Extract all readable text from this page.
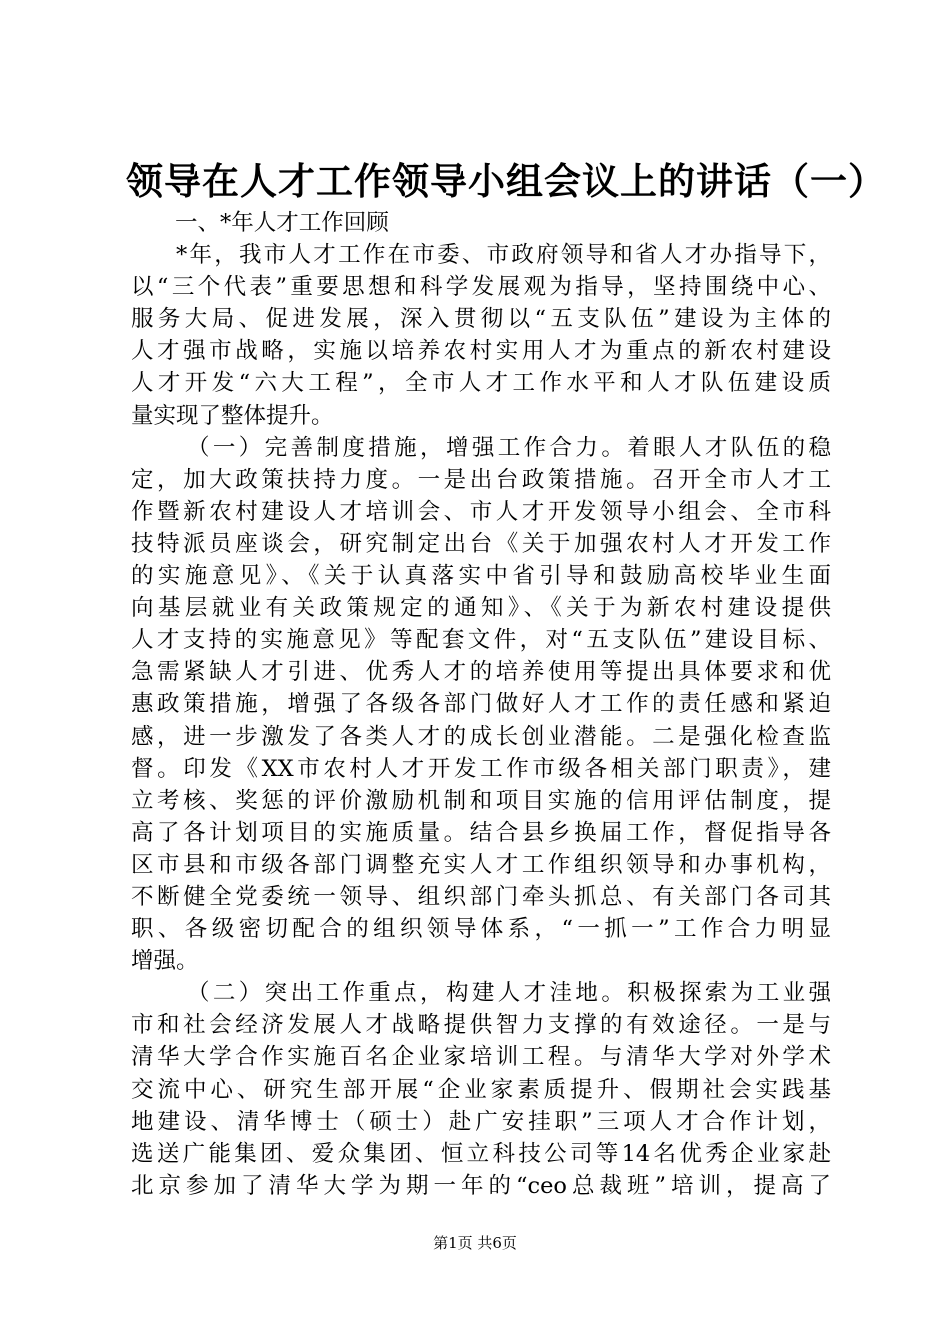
领导在人才工作领导小组会议上的讲话（一）
一、*年人才工作回顾
*年，我市人才工作在市委、市政府领导和省人才办指导下，
以“三个代表”重要思想和科学发展观为指导，坚持围绕中心、
服务大局、促进发展，深入贯彻以“五支队伍”建设为主体的
人才强市战略，实施以培养农村实用人才为重点的新农村建设
人才开发“六大工程”，全市人才工作水平和人才队伍建设质
量实现了整体提升。
（一）完善制度措施，增强工作合力。着眼人才队伍的稳
定，加大政策扶持力度。一是出台政策措施。召开全市人才工
作暨新农村建设人才培训会、市人才开发领导小组会、全市科
技特派员座谈会，研究制定出台《关于加强农村人才开发工作
的实施意见》、《关于认真落实中省引导和鼓励高校毕业生面
向基层就业有关政策规定的通知》、《关于为新农村建设提供
人才支持的实施意见》等配套文件，对“五支队伍”建设目标、
急需紧缺人才引进、优秀人才的培养使用等提出具体要求和优
惠政策措施，增强了各级各部门做好人才工作的责任感和紧迫
感，进一步激发了各类人才的成长创业潜能。二是强化检查监
督。印发《XX市农村人才开发工作市级各相关部门职责》，建
立考核、奖惩的评价激励机制和项目实施的信用评估制度，提
高了各计划项目的实施质量。结合县乡换届工作，督促指导各
区市县和市级各部门调整充实人才工作组织领导和办事机构，
不断健全党委统一领导、组织部门牵头抓总、有关部门各司其
职、各级密切配合的组织领导体系，“一抓一”工作合力明显
增强。
（二）突出工作重点，构建人才洼地。积极探索为工业强
市和社会经济发展人才战略提供智力支撑的有效途径。一是与
清华大学合作实施百名企业家培训工程。与清华大学对外学术
交流中心、研究生部开展“企业家素质提升、假期社会实践基
地建设、清华博士（硕士）赴广安挂职”三项人才合作计划，
选送广能集团、爱众集团、恒立科技公司等14名优秀企业家赴
北京参加了清华大学为期一年的“ceo总裁班”培训，提高了
第1页 共6页
